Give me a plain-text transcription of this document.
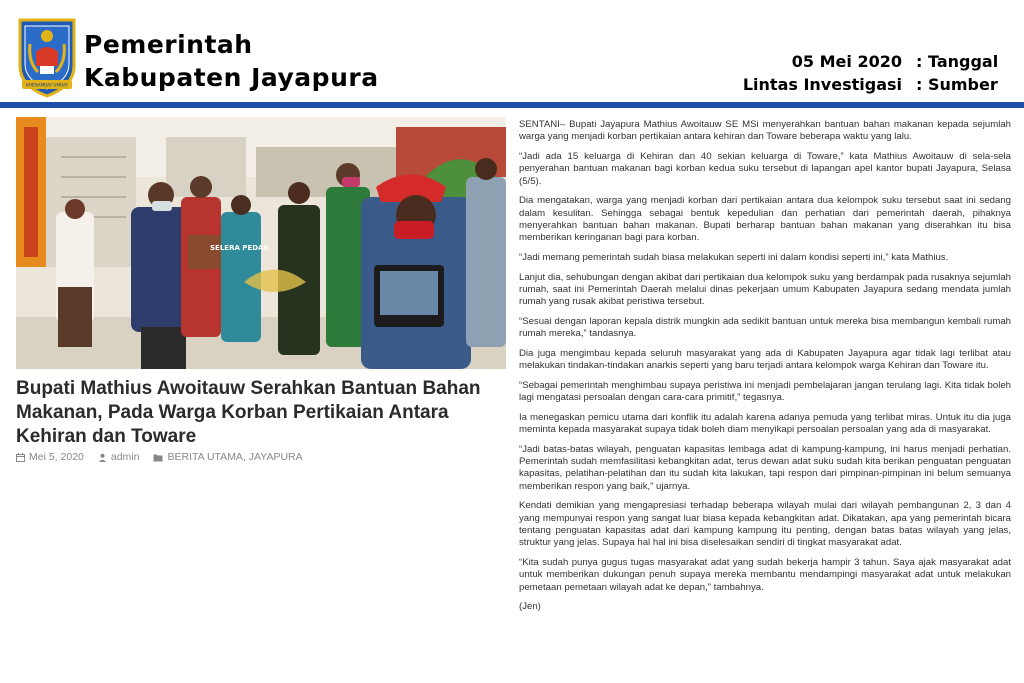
KHENAMBAY UMBAY
Pemerintah
Kabupaten Jayapura
05 Mei 2020 : Tanggal
Lintas Investigasi : Sumber
SELERA PEDAS
Bupati Mathius Awoitauw Serahkan Bantuan Bahan Makanan, Pada Warga Korban Pertikaian Antara Kehiran dan Toware
Mei 5, 2020	admin	BERITA UTAMA, JAYAPURA

SENTANI– Bupati Jayapura Mathius Awoitauw SE MSi menyerahkan bantuan bahan makanan kepada sejumlah warga yang menjadi korban pertikaian antara kehiran dan Toware beberapa waktu yang lalu.

“Jadi ada 15 keluarga di Kehiran dan 40 sekian keluarga di Toware,” kata Mathius Awoitauw di sela-sela penyerahan bantuan makanan bagi korban kedua suku tersebut di lapangan apel kantor bupati Jayapura, Selasa (5/5).

Dia mengatakan, warga yang menjadi korban dari pertikaian antara dua kelompok suku tersebut saat ini sedang dalam kesulitan. Sehingga sebagai bentuk kepedulian dan perhatian dari pemerintah daerah, pihaknya menyerahkan bantuan bahan makanan. Bupati berharap bantuan bahan makanan yang diserahkan itu bisa memberikan keringanan bagi para korban.

“Jadi memang pemerintah sudah biasa melakukan seperti ini dalam kondisi seperti ini,” kata Mathius.

Lanjut dia, sehubungan dengan akibat dari pertikaian dua kelompok suku yang berdampak pada rusaknya sejumlah rumah, saat ini Pemerintah Daerah melalui dinas pekerjaan umum Kabupaten Jayapura sedang mendata jumlah rumah yang rusak akibat peristiwa tersebut.

“Sesuai dengan laporan kepala distrik mungkin ada sedikit bantuan untuk mereka bisa membangun kembali rumah rumah mereka,” tandasnya.

Dia juga mengimbau kepada seluruh masyarakat yang ada di Kabupaten Jayapura agar tidak lagi terlibat atau melakukan tindakan-tindakan anarkis seperti yang baru terjadi antara kelompok warga Kehiran dan Toware itu.

“Sebagai pemerintah menghimbau supaya peristiwa ini menjadi pembelajaran jangan terulang lagi. Kita tidak boleh lagi mengatasi persoalan dengan cara-cara primitif,” tegasnya.

Ia menegaskan pemicu utama dari konflik itu adalah karena adanya pemuda yang terlibat miras. Untuk itu dia juga meminta kepada masyarakat supaya tidak boleh diam menyikapi persoalan persoalan yang ada di masyarakat.

“Jadi batas-batas wilayah, penguatan kapasitas lembaga adat di kampung-kampung, ini harus menjadi perhatian. Pemerintah sudah memfasilitasi kebangkitan adat, terus dewan adat suku sudah kita berikan penguatan penguatan kapasitas, pelatihan-pelatihan dan itu sudah kita lakukan, tapi respon dari pimpinan-pimpinan ini belum semuanya memberikan respon yang baik,” ujarnya.

Kendati demikian yang mengapresiasi terhadap beberapa wilayah mulai dari wilayah pembangunan 2, 3 dan 4 yang mempunyai respon yang sangat luar biasa kepada kebangkitan adat. Dikatakan, apa yang pemerintah bicara tentang penguatan kapasitas adat dari kampung kampung itu penting, dengan batas batas wilayah yang jelas, struktur yang jelas. Supaya hal hal ini bisa diselesaikan sendiri di tingkat masyarakat adat.

“Kita sudah punya gugus tugas masyarakat adat yang sudah bekerja hampir 3 tahun. Saya ajak masyarakat adat untuk memberikan dukungan penuh supaya mereka membantu mendampingi masyarakat adat untuk melakukan pemetaan pemetaan wilayah adat ke depan,” tambahnya.

(Jen)
